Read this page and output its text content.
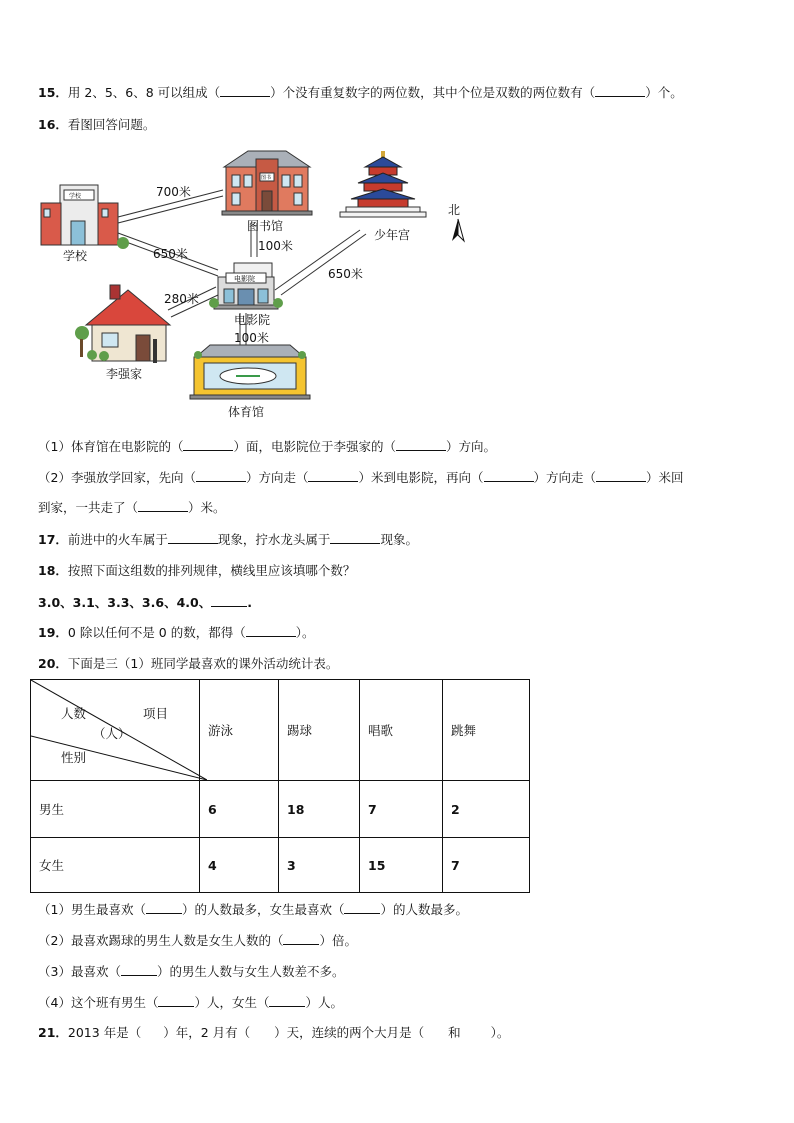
15．用 2、5、6、8 可以组成（	）个没有重复数字的两位数，其中个位是双数的两位数有（	）个。
16．看图回答问题。
学校
图书
电影院
学校
图书馆
少年宫
电影院
李强家
体育馆
北
700米
650米
100米
650米
280米
100米
（1）体育馆在电影院的（	）面，电影院位于李强家的（	）方向。
（2）李强放学回家，先向（	）方向走（	）米到电影院，再向（	）方向走（	）米回
到家，一共走了（	）米。
17．前进中的火车属于	现象，拧水龙头属于	现象。
18．按照下面这组数的排列规律，横线里应该填哪个数？
3.0、3.1、3.3、3.6、4.0、	.
19．0 除以任何不是 0 的数，都得（	）。
20．下面是三（1）班同学最喜欢的课外活动统计表。
人数 项目
（人）
性别	游泳	踢球	唱歌	跳舞
男生	6	18	7	2
女生	4	3	15	7
（1）男生最喜欢（	）的人数最多，女生最喜欢（	）的人数最多。
（2）最喜欢踢球的男生人数是女生人数的（	）倍。
（3）最喜欢（	）的男生人数与女生人数差不多。
（4）这个班有男生（	）人，女生（	）人。
21．2013 年是（ ）年，2 月有（ ）天，连续的两个大月是（ 和 ）。
